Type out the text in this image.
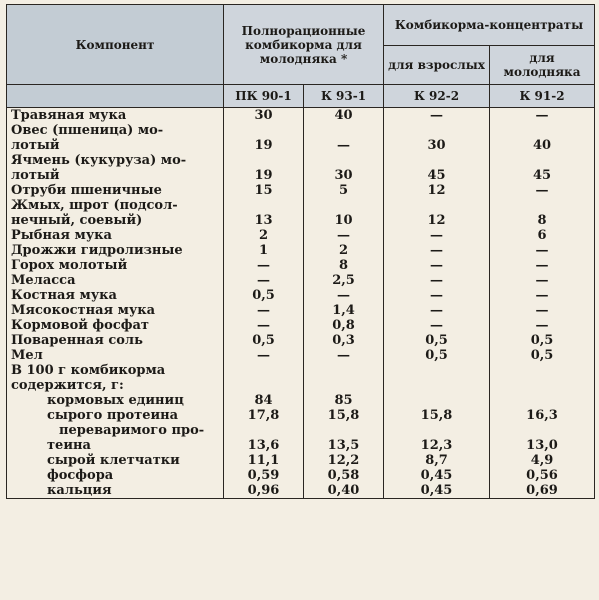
Компонент	Полнорационные комбикорма для молодняка *		Комбикорма-концентраты	
			для взрослых	для молодняка
	ПК 90-1	К 93-1	К 92-2	К 91-2
Травяная мука	30	40	—	—
Овес (пшеница) мо-				
лотый	19	—	30	40
Ячмень (кукуруза) мо-				
лотый	19	30	45	45
Отруби пшеничные	15	5	12	—
Жмых, шрот (подсол-				
нечный, соевый)	13	10	12	8
Рыбная мука	2	—	—	6
Дрожжи гидролизные	1	2	—	—
Горох молотый	—	8	—	—
Меласса	—	2,5	—	—
Костная мука	0,5	—	—	—
Мясокостная мука	—	1,4	—	—
Кормовой фосфат	—	0,8	—	—
Поваренная соль	0,5	0,3	0,5	0,5
Мел	—	—	0,5	0,5
В 100 г комбикорма				
содержится, г:				
кормовых единиц	84	85		
сырого протеина	17,8	15,8	15,8	16,3
переваримого про-				
теина	13,6	13,5	12,3	13,0
сырой клетчатки	11,1	12,2	8,7	4,9
фосфора	0,59	0,58	0,45	0,56
кальция	0,96	0,40	0,45	0,69
